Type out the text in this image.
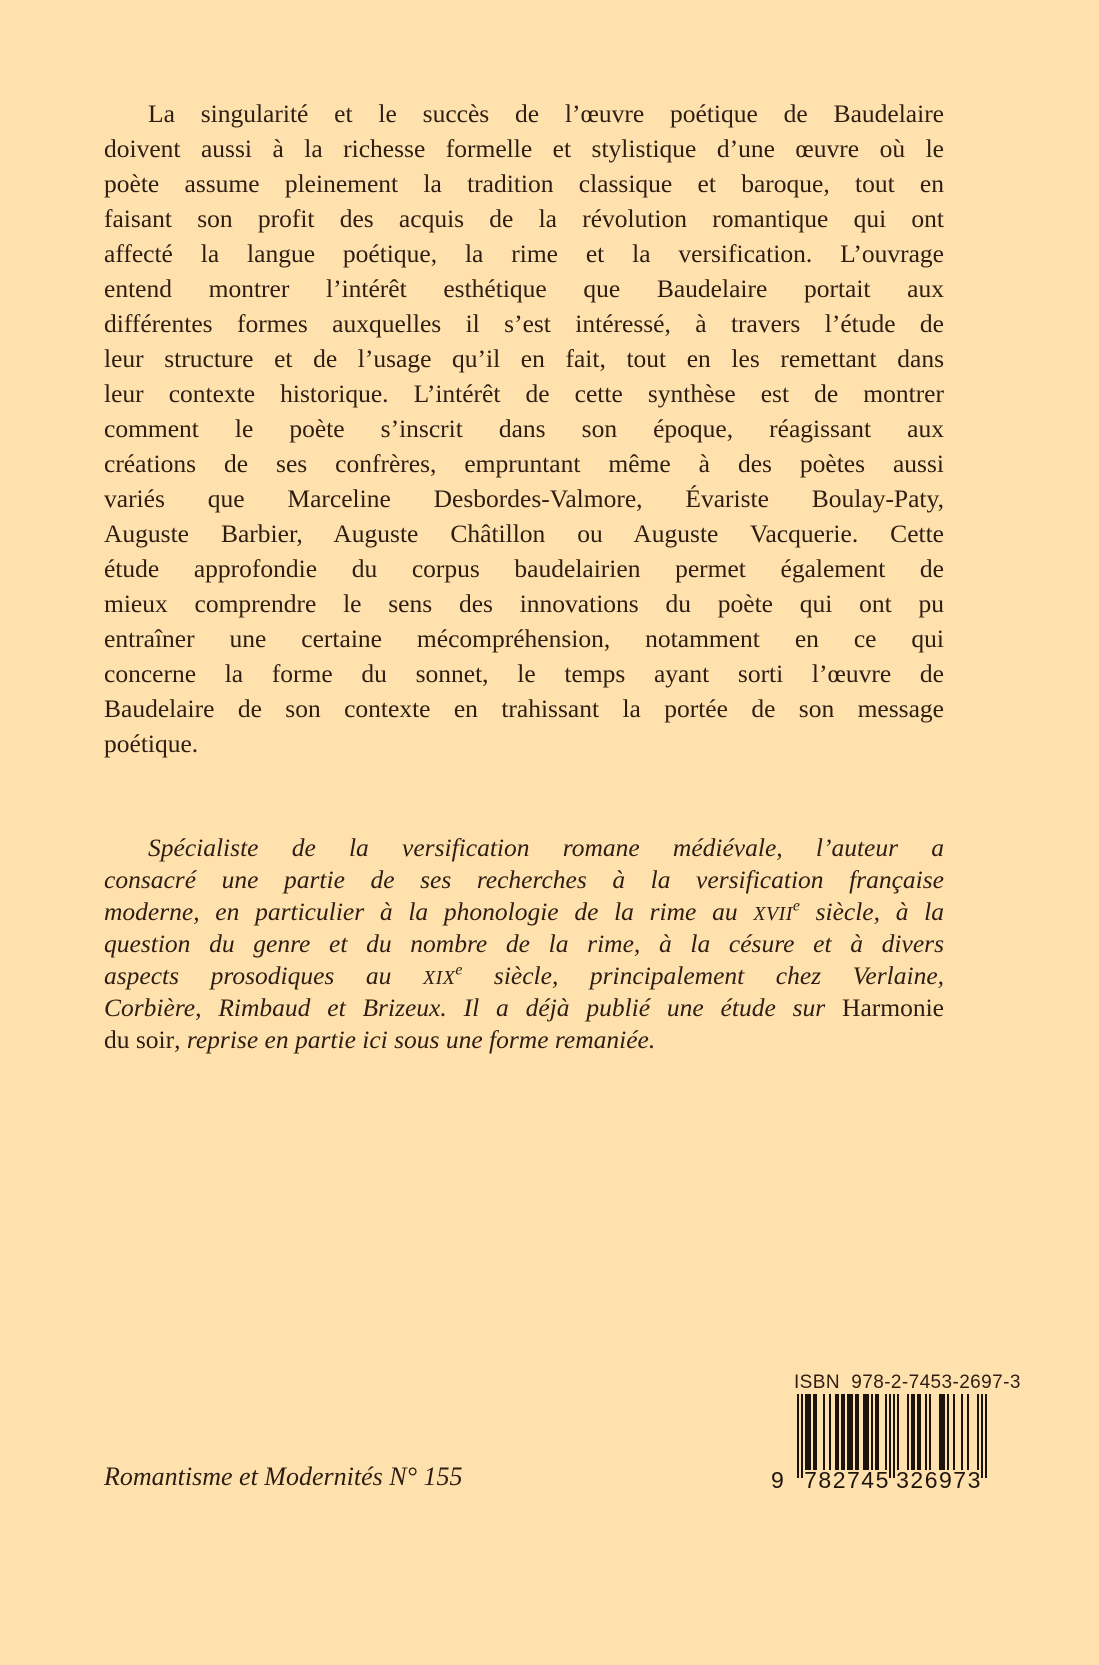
La singularité et le succès de l’œuvre poétique de Baudelaire
doivent aussi à la richesse formelle et stylistique d’une œuvre où le
poète assume pleinement la tradition classique et baroque, tout en
faisant son profit des acquis de la révolution romantique qui ont
affecté la langue poétique, la rime et la versification. L’ouvrage
entend montrer l’intérêt esthétique que Baudelaire portait aux
différentes formes auxquelles il s’est intéressé, à travers l’étude de
leur structure et de l’usage qu’il en fait, tout en les remettant dans
leur contexte historique. L’intérêt de cette synthèse est de montrer
comment le poète s’inscrit dans son époque, réagissant aux
créations de ses confrères, empruntant même à des poètes aussi
variés que Marceline Desbordes-Valmore, Évariste Boulay-Paty,
Auguste Barbier, Auguste Châtillon ou Auguste Vacquerie. Cette
étude approfondie du corpus baudelairien permet également de
mieux comprendre le sens des innovations du poète qui ont pu
entraîner une certaine mécompréhension, notamment en ce qui
concerne la forme du sonnet, le temps ayant sorti l’œuvre de
Baudelaire de son contexte en trahissant la portée de son message
poétique.
Spécialiste de la versification romane médiévale, l’auteur a
consacré une partie de ses recherches à la versification française
moderne, en particulier à la phonologie de la rime au XVIIe siècle, à la
question du genre et du nombre de la rime, à la césure et à divers
aspects prosodiques au XIXe siècle, principalement chez Verlaine,
Corbière, Rimbaud et Brizeux. Il a déjà publié une étude sur Harmonie
du soir, reprise en partie ici sous une forme remaniée.
Romantisme et Modernités N° 155
ISBN  978-2-7453-2697-3
9 782745 326973
